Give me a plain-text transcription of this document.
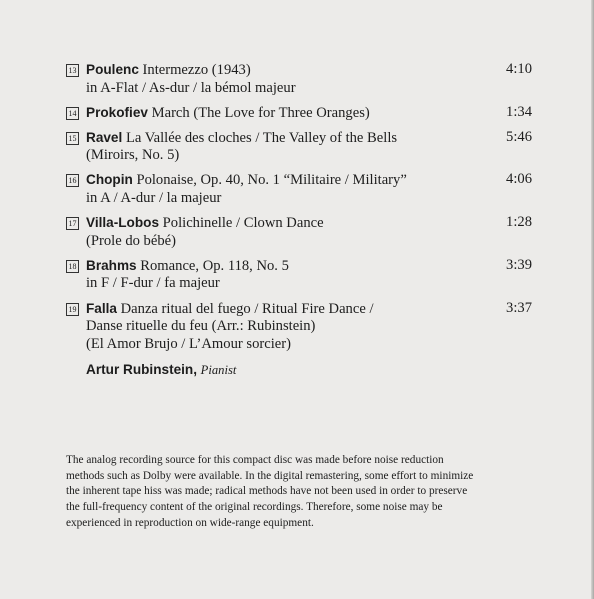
13 Poulenc Intermezzo (1943)
in A-Flat / As-dur / la bémol majeur
4:10
14 Prokofiev March (The Love for Three Oranges)	1:34
15 Ravel La Vallée des cloches / The Valley of the Bells
(Miroirs, No. 5)
5:46
16 Chopin Polonaise, Op. 40, No. 1 “Militaire / Military”
in A / A-dur / la majeur
4:06
17 Villa-Lobos Polichinelle / Clown Dance
(Prole do bébé)
1:28
18 Brahms Romance, Op. 118, No. 5
in F / F-dur / fa majeur
3:39
19 Falla Danza ritual del fuego / Ritual Fire Dance /
Danse rituelle du feu (Arr.: Rubinstein)
(El Amor Brujo / L’Amour sorcier)
3:37
Artur Rubinstein, Pianist
The analog recording source for this compact disc was made before noise reduction
methods such as Dolby were available. In the digital remastering, some effort to minimize
the inherent tape hiss was made; radical methods have not been used in order to preserve
the full-frequency content of the original recordings. Therefore, some noise may be
experienced in reproduction on wide-range equipment.
